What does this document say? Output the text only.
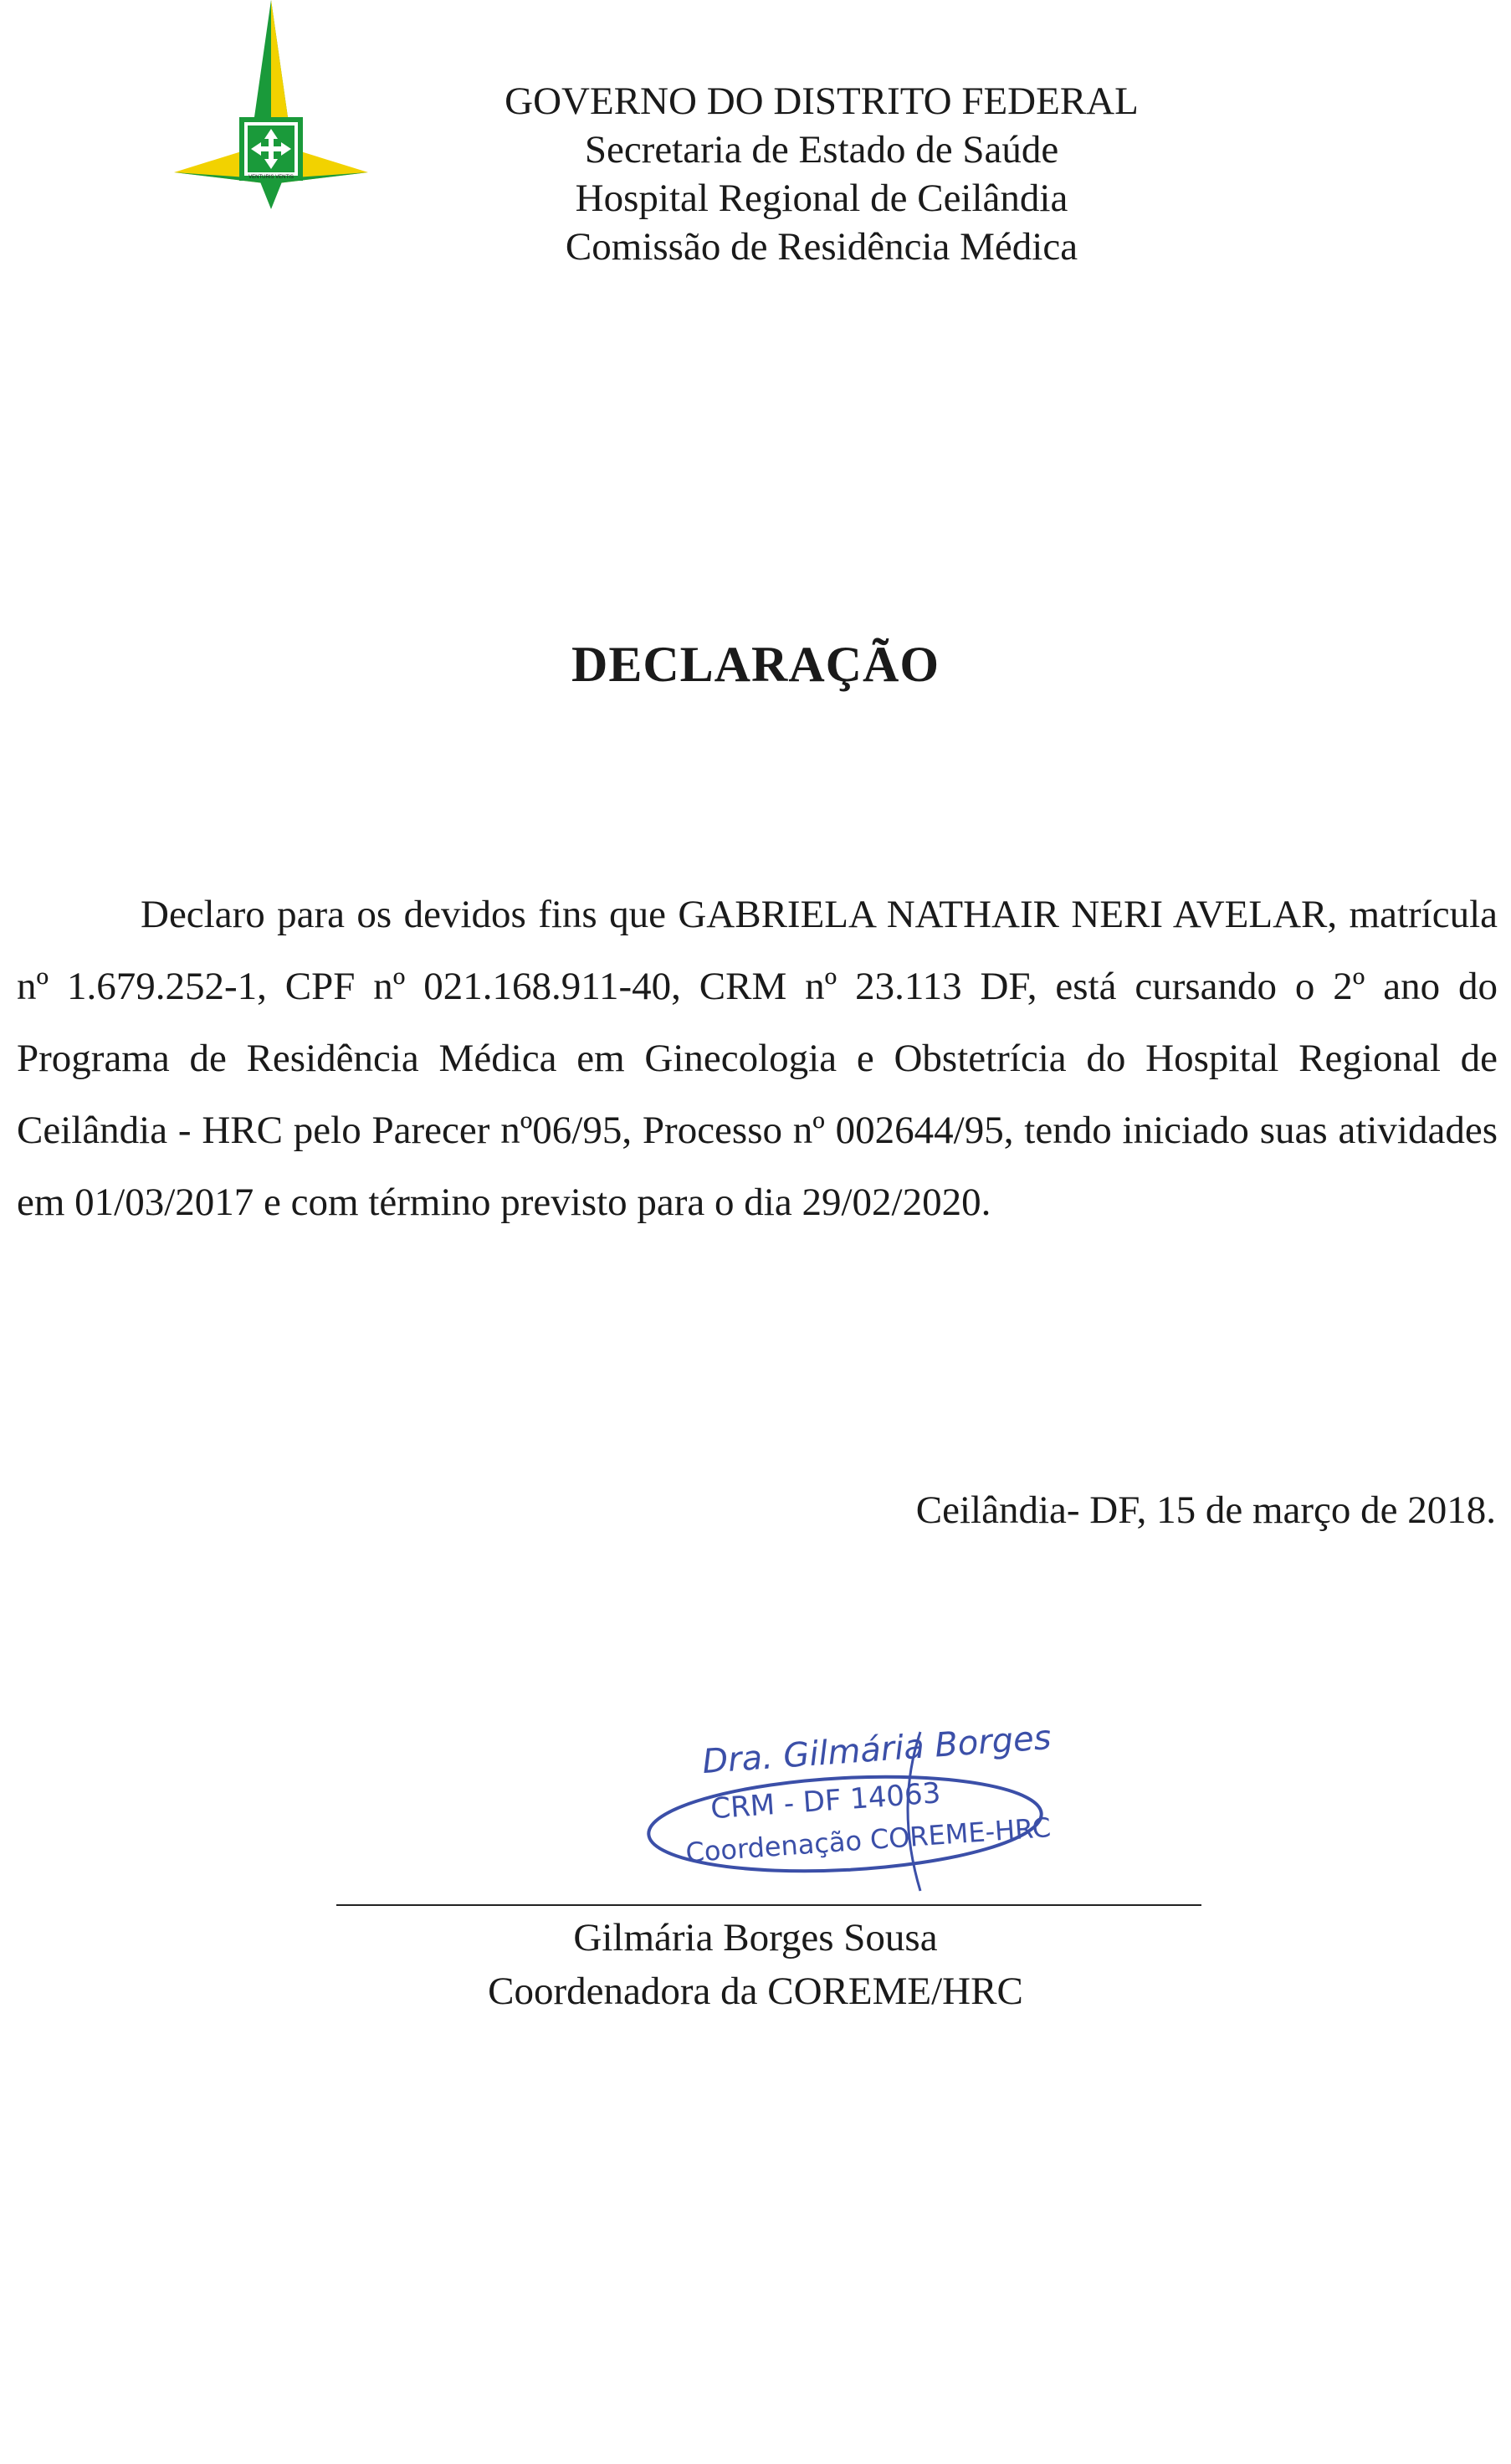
VENTURIS VENTIS
GOVERNO DO DISTRITO FEDERAL
Secretaria de Estado de Saúde
Hospital Regional de Ceilândia
Comissão de Residência Médica
DECLARAÇÃO
Declaro para os devidos fins que GABRIELA NATHAIR NERI AVELAR, matrícula nº 1.679.252-1, CPF nº 021.168.911-40, CRM nº 23.113 DF, está cursando o 2º ano do Programa de Residência Médica em Ginecologia e Obstetrícia do Hospital Regional de Ceilândia - HRC pelo Parecer nº06/95, Processo nº 002644/95, tendo iniciado suas atividades em 01/03/2017 e com término previsto para o dia 29/02/2020.
Ceilândia- DF, 15 de março de 2018.
Dra. Gilmária Borges
CRM - DF 14063
Coordenação COREME-HRC
Gilmária Borges Sousa
Coordenadora da COREME/HRC
